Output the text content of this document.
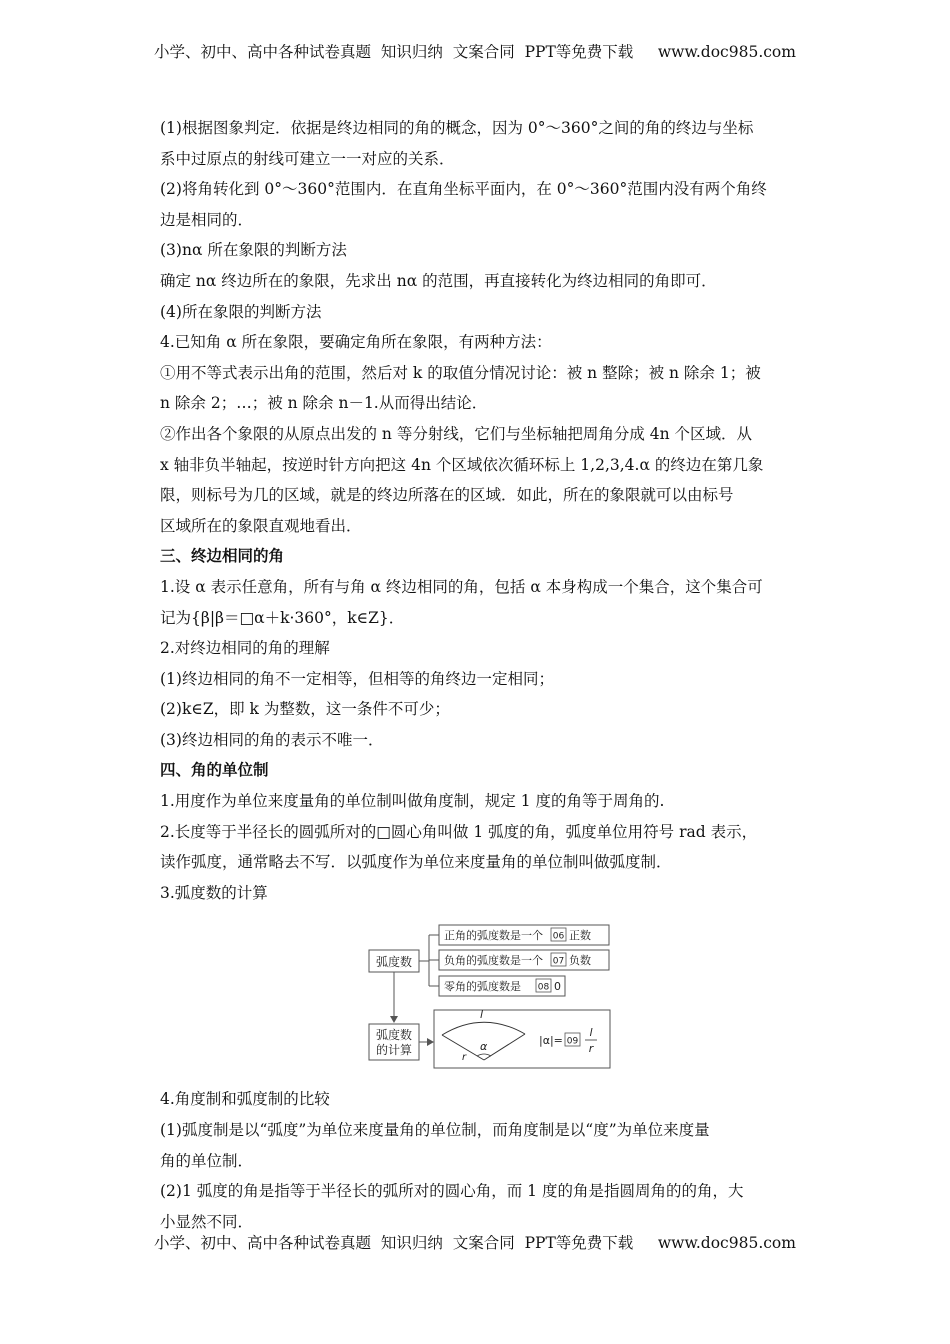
小学、初中、高中各种试卷真题  知识归纳  文案合同  PPT等免费下载     www.doc985.com
(1)根据图象判定．依据是终边相同的角的概念，因为 0°～360°之间的角的终边与坐标
系中过原点的射线可建立一一对应的关系．
(2)将角转化到 0°～360°范围内．在直角坐标平面内，在 0°～360°范围内没有两个角终
边是相同的．
(3)nα 所在象限的判断方法
确定 nα 终边所在的象限，先求出 nα 的范围，再直接转化为终边相同的角即可．
(4)所在象限的判断方法
4.已知角 α 所在象限，要确定角所在象限，有两种方法：
①用不等式表示出角的范围，然后对 k 的取值分情况讨论：被 n 整除；被 n 除余 1；被
n 除余 2；…；被 n 除余 n－1.从而得出结论．
②作出各个象限的从原点出发的 n 等分射线，它们与坐标轴把周角分成 4n 个区域．从
x 轴非负半轴起，按逆时针方向把这 4n 个区域依次循环标上 1,2,3,4.α 的终边在第几象
限，则标号为几的区域，就是的终边所落在的区域．如此，所在的象限就可以由标号
区域所在的象限直观地看出．
三、终边相同的角
1.设 α 表示任意角，所有与角 α 终边相同的角，包括 α 本身构成一个集合，这个集合可
记为{β|β＝□α＋k·360°，k∈Z}．
2.对终边相同的角的理解
(1)终边相同的角不一定相等，但相等的角终边一定相同；
(2)k∈Z，即 k 为整数，这一条件不可少；
(3)终边相同的角的表示不唯一．
四、角的单位制
1.用度作为单位来度量角的单位制叫做角度制，规定 1 度的角等于周角的.
2.长度等于半径长的圆弧所对的□圆心角叫做 1 弧度的角，弧度单位用符号 rad 表示，
读作弧度，通常略去不写．以弧度作为单位来度量角的单位制叫做弧度制．
3.弧度数的计算
弧度数
正角的弧度数是一个 06 正数
负角的弧度数是一个 07 负数
零角的弧度数是 08 0
弧度数
的计算
l
α
r
|α|= 09
l
r
4.角度制和弧度制的比较
(1)弧度制是以“弧度”为单位来度量角的单位制，而角度制是以“度”为单位来度量
角的单位制．
(2)1 弧度的角是指等于半径长的弧所对的圆心角，而 1 度的角是指圆周角的的角，大
小显然不同．
小学、初中、高中各种试卷真题  知识归纳  文案合同  PPT等免费下载     www.doc985.com
